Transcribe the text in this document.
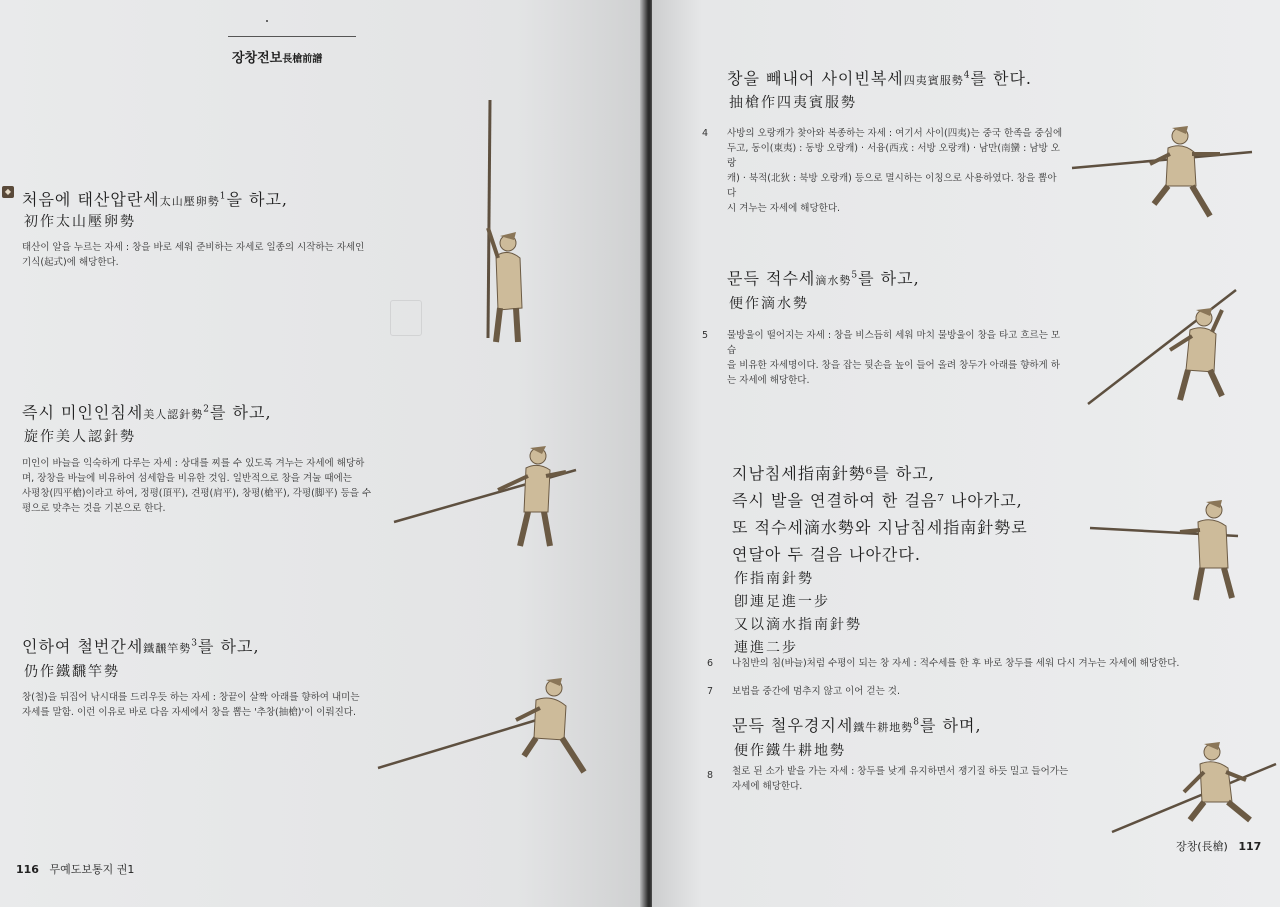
장창전보長槍前譜
◆ 처음에 태산압란세太山壓卵勢$^1$을 하고,
初作太山壓卵勢
태산이 알을 누르는 자세 : 창을 바로 세워 준비하는 자세로 일종의 시작하는 자세인
기식(起式)에 해당한다.
즉시 미인인침세美人認針勢$^2$를 하고,
旋作美人認針勢
미인이 바늘을 익숙하게 다루는 자세 : 상대를 찌를 수 있도록 겨누는 자세에 해당하
며, 장창을 바늘에 비유하여 섬세함을 비유한 것임. 일반적으로 창을 겨눌 때에는
사평창(四平槍)이라고 하여, 정평(頂平), 견평(肩平), 창평(槍平), 각평(脚平) 등을 수
평으로 맞추는 것을 기본으로 한다.
인하여 철번간세鐵飜竿勢$^3$를 하고,
仍作鐵飜竿勢
창(철)을 뒤집어 낚시대를 드리우듯 하는 자세 : 창끝이 살짝 아래를 향하여 내미는
자세를 말함. 이런 이유로 바로 다음 자세에서 창을 뽑는 '추창(抽槍)'이 이뤄진다.
116 무예도보통지 권1
창을 빼내어 사이빈복세四夷賓服勢$^4$를 한다.
抽槍作四夷賓服勢
4 사방의 오랑캐가 찾아와 복종하는 자세 : 여기서 사이(四夷)는 중국 한족을 중심에
두고, 동이(東夷) : 동방 오랑캐) · 서융(西戎 : 서방 오랑캐) · 남만(南蠻 : 남방 오랑
캐) · 북적(北狄 : 북방 오랑캐) 등으로 멸시하는 이칭으로 사용하였다. 창을 뽑아 다
시 겨누는 자세에 해당한다.
문득 적수세滴水勢$^5$를 하고,
便作滴水勢
5 물방울이 떨어지는 자세 : 창을 비스듬히 세워 마치 물방울이 창을 타고 흐르는 모습
을 비유한 자세명이다. 창을 잡는 뒷손을 높이 들어 올려 창두가 아래를 향하게 하
는 자세에 해당한다.
지남침세指南針勢⁶를 하고,
즉시 발을 연결하여 한 걸음⁷ 나아가고,
또 적수세滴水勢와 지남침세指南針勢로
연달아 두 걸음 나아간다.
作指南針勢
卽連足進一步
又以滴水指南針勢
連進二步
6 나침반의 침(바늘)처럼 수평이 되는 창 자세 : 적수세를 한 후 바로 창두를 세워 다시 겨누는 자세에 해당한다.
7 보법을 중간에 멈추지 않고 이어 걷는 것.
문득 철우경지세鐵牛耕地勢$^8$를 하며,
便作鐵牛耕地勢
8 철로 된 소가 밭을 가는 자세 : 창두를 낮게 유지하면서 쟁기질 하듯 밀고 들어가는
자세에 해당한다.
장창(長槍) 117
